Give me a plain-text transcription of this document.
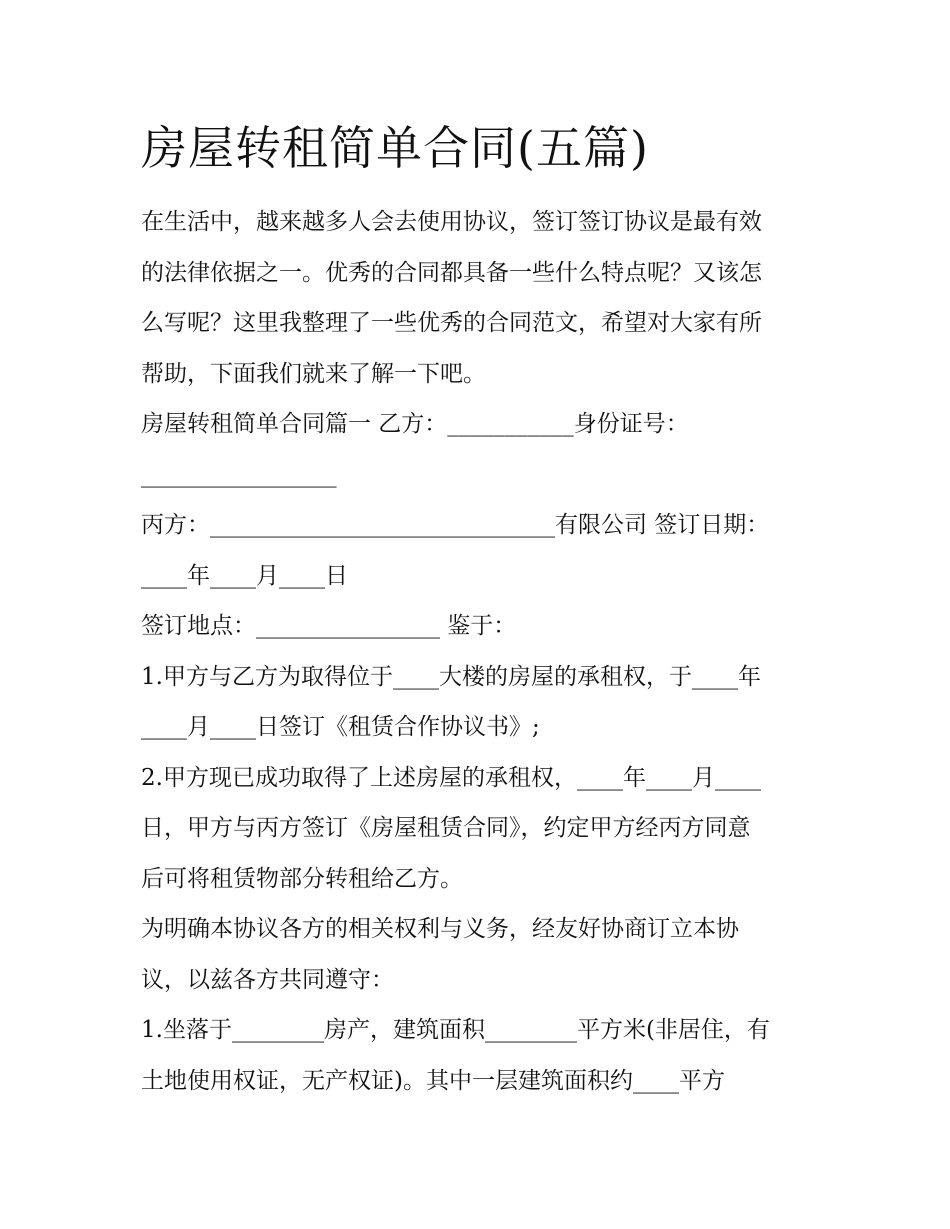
房屋转租简单合同(五篇)

在生活中，越来越多人会去使用协议，签订签订协议是最有效

的法律依据之一。优秀的合同都具备一些什么特点呢？又该怎

么写呢？这里我整理了一些优秀的合同范文，希望对大家有所

帮助，下面我们就来了解一下吧。

房屋转租简单合同篇一 乙方：___________身份证号：

_________________

丙方：______________________________有限公司 签订日期：

____年____月____日

签订地点：________________ 鉴于：

1.甲方与乙方为取得位于____大楼的房屋的承租权，于____年

____月____日签订《租赁合作协议书》;

2.甲方现已成功取得了上述房屋的承租权，____年____月____

日，甲方与丙方签订《房屋租赁合同》，约定甲方经丙方同意

后可将租赁物部分转租给乙方。

为明确本协议各方的相关权利与义务，经友好协商订立本协

议，以兹各方共同遵守：

1.坐落于________房产，建筑面积________平方米(非居住，有

土地使用权证，无产权证)。其中一层建筑面积约____平方
